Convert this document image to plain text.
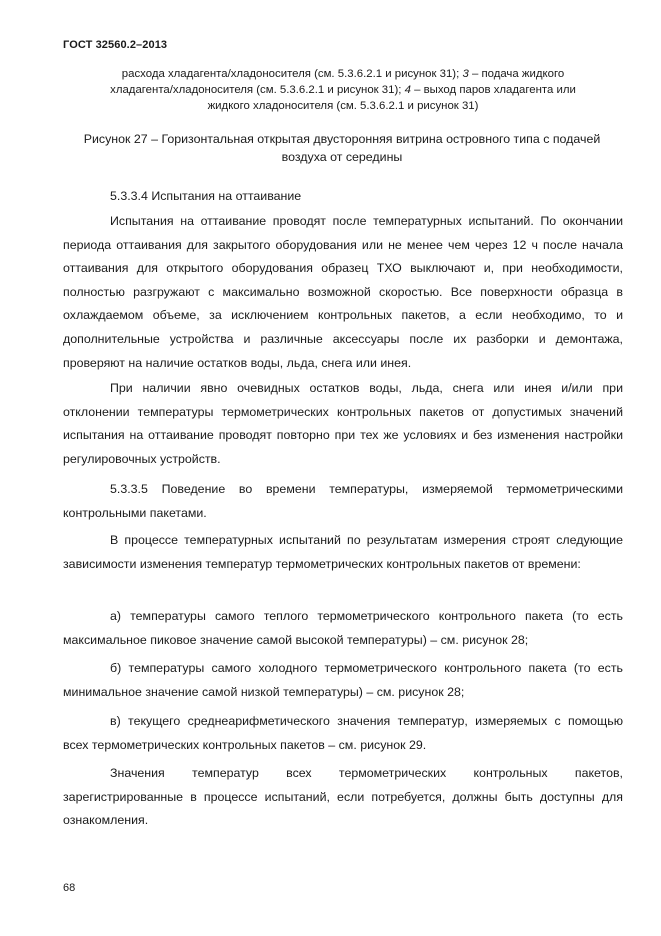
ГОСТ 32560.2–2013
расхода хладагента/хладоносителя (см. 5.3.6.2.1 и рисунок 31); 3 – подача жидкого
хладагента/хладоносителя (см. 5.3.6.2.1 и рисунок 31); 4 – выход паров хладагента или
жидкого хладоносителя (см. 5.3.6.2.1 и рисунок 31)
Рисунок 27 – Горизонтальная открытая двусторонняя витрина островного типа с подачей
воздуха от середины

5.3.3.4 Испытания на оттаивание

Испытания на оттаивание проводят после температурных испытаний. По окончании периода оттаивания для закрытого оборудования или не менее чем через 12 ч после начала оттаивания для открытого оборудования образец ТХО выключают и, при необходимости, полностью разгружают с максимально возможной скоростью. Все поверхности образца в охлаждаемом объеме, за исключением контрольных пакетов, а если необходимо, то и дополнительные устройства и различные аксессуары после их разборки и демонтажа, проверяют на наличие остатков воды, льда, снега или инея.

При наличии явно очевидных остатков воды, льда, снега или инея и/или при отклонении температуры термометрических контрольных пакетов от допустимых значений испытания на оттаивание проводят повторно при тех же условиях и без изменения настройки регулировочных устройств.

5.3.3.5 Поведение во времени температуры, измеряемой термометрическими контрольными пакетами.

В процессе температурных испытаний по результатам измерения строят следующие зависимости изменения температур термометрических контрольных пакетов от времени:

а) температуры самого теплого термометрического контрольного пакета (то есть максимальное пиковое значение самой высокой температуры) – см. рисунок 28;

б) температуры самого холодного термометрического контрольного пакета (то есть минимальное значение самой низкой температуры) – см. рисунок 28;

в) текущего среднеарифметического значения температур, измеряемых с помощью всех термометрических контрольных пакетов – см. рисунок 29.

Значения температур всех термометрических контрольных пакетов, зарегистрированные в процессе испытаний, если потребуется, должны быть доступны для ознакомления.

68
